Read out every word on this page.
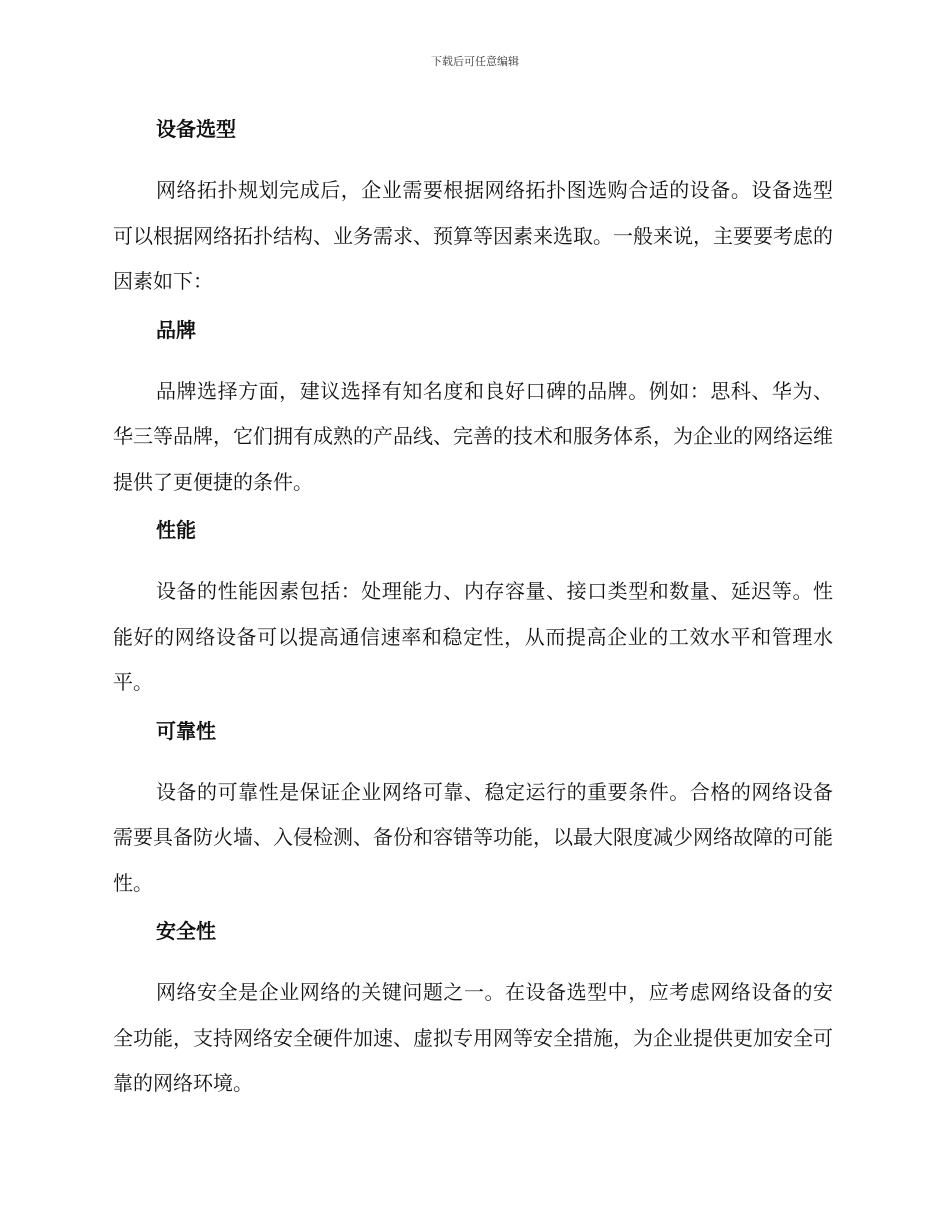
下载后可任意编辑
设备选型
网络拓扑规划完成后，企业需要根据网络拓扑图选购合适的设备。设备选型可以根据网络拓扑结构、业务需求、预算等因素来选取。一般来说，主要要考虑的因素如下：
品牌
品牌选择方面，建议选择有知名度和良好口碑的品牌。例如：思科、华为、华三等品牌，它们拥有成熟的产品线、完善的技术和服务体系，为企业的网络运维提供了更便捷的条件。
性能
设备的性能因素包括：处理能力、内存容量、接口类型和数量、延迟等。性能好的网络设备可以提高通信速率和稳定性，从而提高企业的工效水平和管理水平。
可靠性
设备的可靠性是保证企业网络可靠、稳定运行的重要条件。合格的网络设备需要具备防火墙、入侵检测、备份和容错等功能，以最大限度减少网络故障的可能性。
安全性
网络安全是企业网络的关键问题之一。在设备选型中，应考虑网络设备的安全功能，支持网络安全硬件加速、虚拟专用网等安全措施，为企业提供更加安全可靠的网络环境。
